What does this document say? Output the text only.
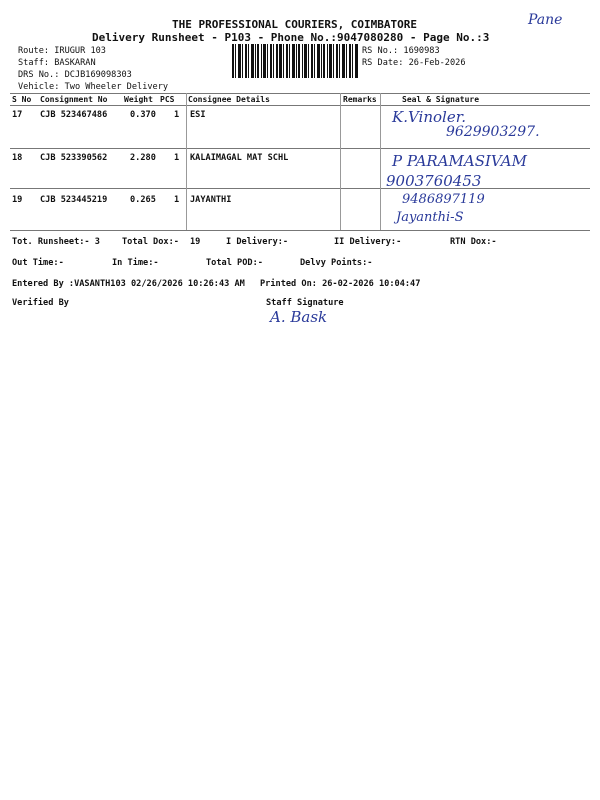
THE PROFESSIONAL COURIERS, COIMBATORE
Delivery Runsheet - P103 - Phone No.:9047080280 - Page No.:3
Pane
Route: IRUGUR 103
Staff: BASKARAN
DRS No.: DCJB169098303
Vehicle: Two Wheeler Delivery
RS No.: 1690983
RS Date: 26-Feb-2026
S No Consignment No Weight PCS Consignee Details	Remarks	Seal & Signature
17 CJB 523467486	0.370 1 ESI
18 CJB 523390562	2.280 1 KALAIMAGAL MAT SCHL
19 CJB 523445219	0.265 1 JAYANTHI
K.Vinoler.
9629903297.
P PARAMASIVAM
9003760453
9486897119
Jayanthi-S
Tot. Runsheet:- 3	Total Dox:- 19	I Delivery:-	II Delivery:-	RTN Dox:-
Out Time:-	In Time:-	Total POD:-	Delvy Points:-
Entered By :VASANTH103 02/26/2026 10:26:43 AM Printed On: 26-02-2026 10:04:47
Verified By	Staff Signature
A. Bask
